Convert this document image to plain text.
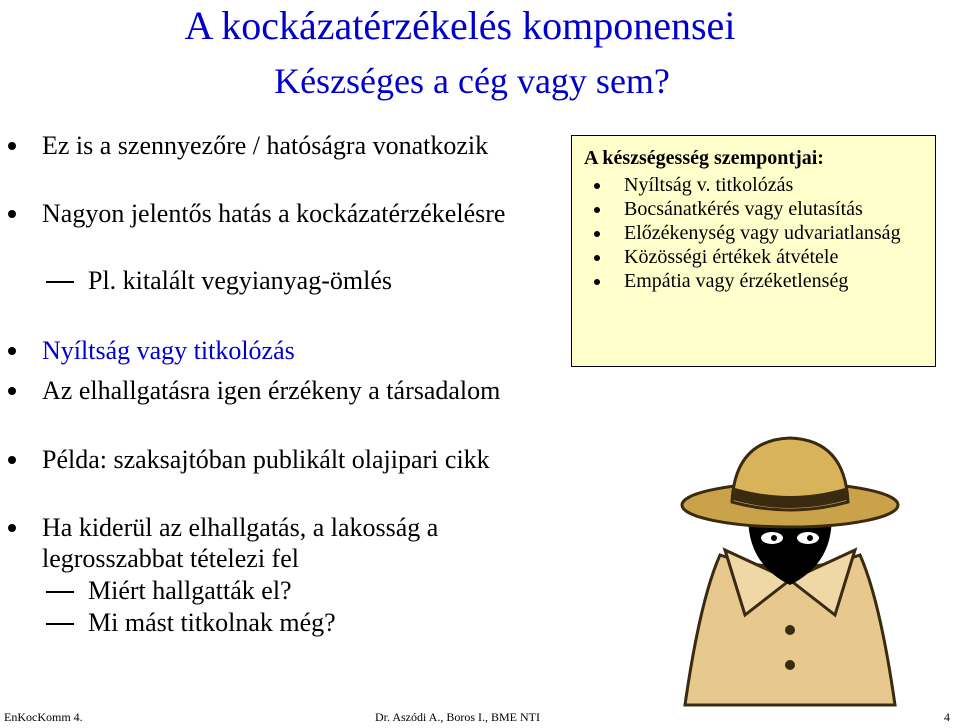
A kockázatérzékelés komponensei
Készséges a cég vagy sem?
Ez is a szennyezőre / hatóságra vonatkozik
Nagyon jelentős hatás a kockázatérzékelésre
Pl. kitalált vegyianyag-ömlés
Nyíltság vagy titkolózás
Az elhallgatásra igen érzékeny a társadalom
Példa: szaksajtóban publikált olajipari cikk
Ha kiderül az elhallgatás, a lakosság a legrosszabbat tételezi fel
Miért hallgatták el?
Mi mást titkolnak még?
A készségesség szempontjai:
Nyíltság v. titkolózás
Bocsánatkérés vagy elutasítás
Előzékenység vagy udvariatlanság
Közösségi értékek átvétele
Empátia vagy érzéketlenség
EnKocKomm 4.	Dr. Aszódi A., Boros I., BME NTI	4
